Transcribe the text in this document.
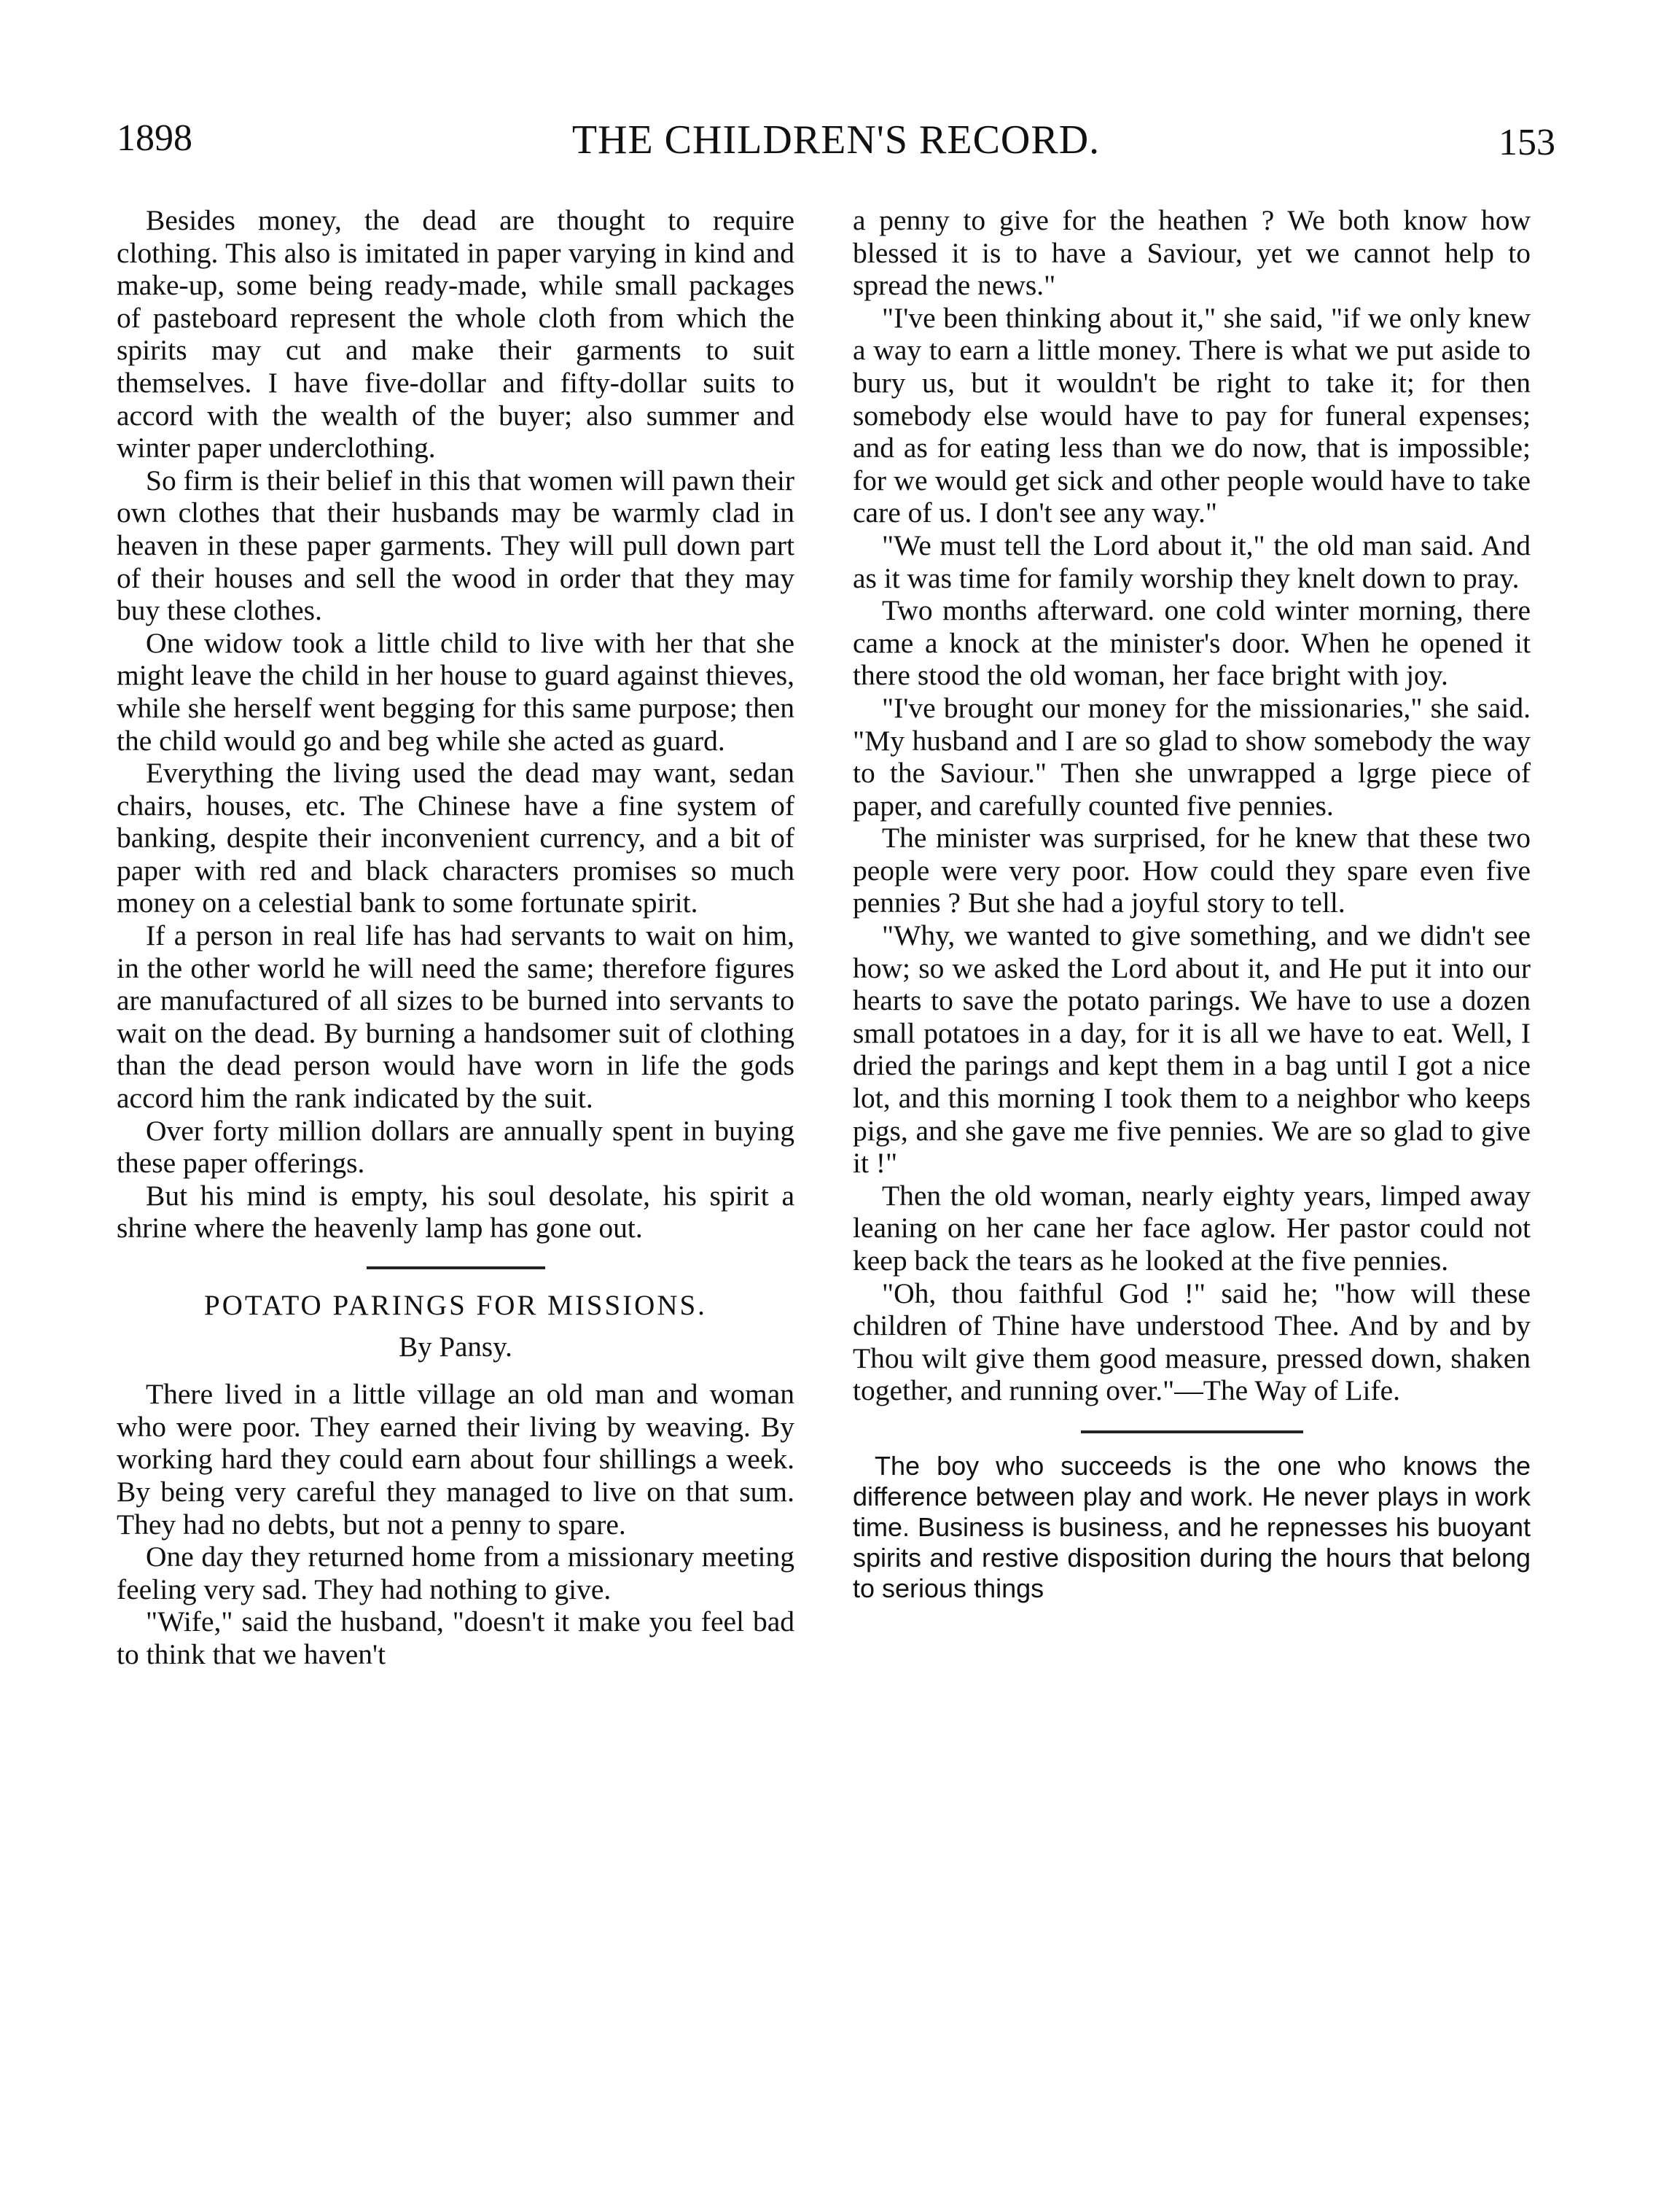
1898	THE CHILDREN'S RECORD.	153

Besides money, the dead are thought to require clothing. This also is imitated in paper varying in kind and make-up, some being ready-made, while small packages of pasteboard represent the whole cloth from which the spirits may cut and make their garments to suit themselves. I have five-dollar and fifty-dollar suits to accord with the wealth of the buyer; also summer and winter paper underclothing.

So firm is their belief in this that women will pawn their own clothes that their husbands may be warmly clad in heaven in these paper garments. They will pull down part of their houses and sell the wood in order that they may buy these clothes.

One widow took a little child to live with her that she might leave the child in her house to guard against thieves, while she herself went begging for this same purpose; then the child would go and beg while she acted as guard.

Everything the living used the dead may want, sedan chairs, houses, etc. The Chinese have a fine system of banking, despite their inconvenient currency, and a bit of paper with red and black characters promises so much money on a celestial bank to some fortunate spirit.

If a person in real life has had servants to wait on him, in the other world he will need the same; therefore figures are manufactured of all sizes to be burned into servants to wait on the dead. By burning a handsomer suit of clothing than the dead person would have worn in life the gods accord him the rank indicated by the suit.

Over forty million dollars are annually spent in buying these paper offerings.

But his mind is empty, his soul desolate, his spirit a shrine where the heavenly lamp has gone out.

POTATO PARINGS FOR MISSIONS.
By Pansy.

There lived in a little village an old man and woman who were poor. They earned their living by weaving. By working hard they could earn about four shillings a week. By being very careful they managed to live on that sum. They had no debts, but not a penny to spare.

One day they returned home from a missionary meeting feeling very sad. They had nothing to give.

"Wife," said the husband, "doesn't it make you feel bad to think that we haven't

a penny to give for the heathen ? We both know how blessed it is to have a Saviour, yet we cannot help to spread the news."

"I've been thinking about it," she said, "if we only knew a way to earn a little money. There is what we put aside to bury us, but it wouldn't be right to take it; for then somebody else would have to pay for funeral expenses; and as for eating less than we do now, that is impossible; for we would get sick and other people would have to take care of us. I don't see any way."

"We must tell the Lord about it," the old man said. And as it was time for family worship they knelt down to pray.

Two months afterward. one cold winter morning, there came a knock at the minister's door. When he opened it there stood the old woman, her face bright with joy.

"I've brought our money for the missionaries," she said. "My husband and I are so glad to show somebody the way to the Saviour." Then she unwrapped a lgrge piece of paper, and carefully counted five pennies.

The minister was surprised, for he knew that these two people were very poor. How could they spare even five pennies ? But she had a joyful story to tell.

"Why, we wanted to give something, and we didn't see how; so we asked the Lord about it, and He put it into our hearts to save the potato parings. We have to use a dozen small potatoes in a day, for it is all we have to eat. Well, I dried the parings and kept them in a bag until I got a nice lot, and this morning I took them to a neighbor who keeps pigs, and she gave me five pennies. We are so glad to give it !"

Then the old woman, nearly eighty years, limped away leaning on her cane her face aglow. Her pastor could not keep back the tears as he looked at the five pennies.

"Oh, thou faithful God !" said he; "how will these children of Thine have understood Thee. And by and by Thou wilt give them good measure, pressed down, shaken together, and running over."—The Way of Life.

The boy who succeeds is the one who knows the difference between play and work. He never plays in work time. Business is business, and he repnesses his buoyant spirits and restive disposition during the hours that belong to serious things
